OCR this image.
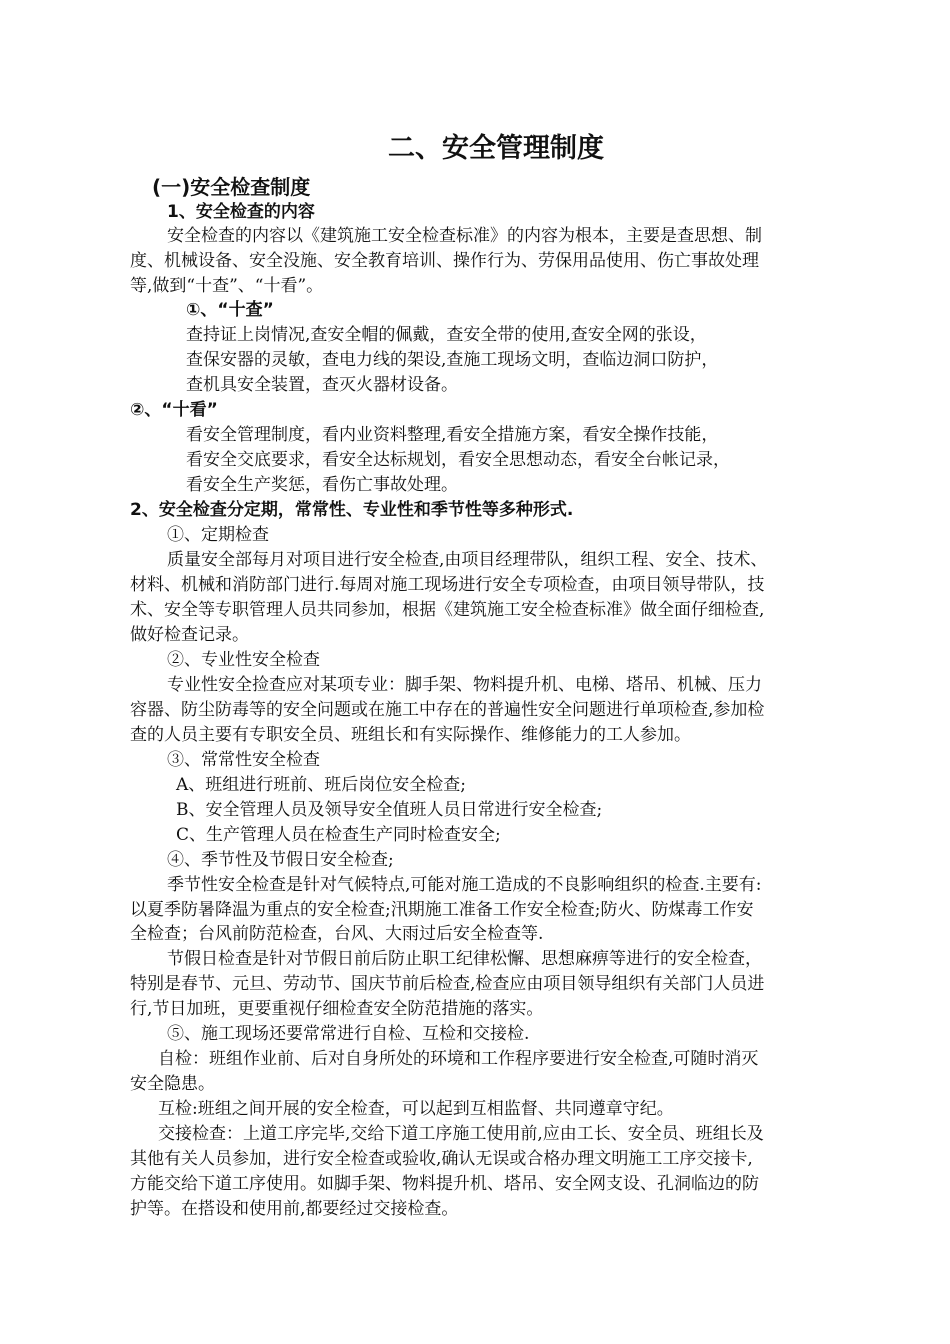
二、安全管理制度
(一)安全检查制度
1、安全检查的内容
安全检查的内容以《建筑施工安全检查标准》的内容为根本，主要是查思想、制
度、机械设备、安全没施、安全教育培训、操作行为、劳保用品使用、伤亡事故处理
等,做到“十查”、“十看”。
①、“十查”
查持证上岗情况,查安全帽的佩戴，查安全带的使用,查安全网的张设，
查保安器的灵敏，查电力线的架设,查施工现场文明，查临边洞口防护，
查机具安全装置，查灭火器材设备。
②、“十看”
看安全管理制度，看内业资料整理,看安全措施方案，看安全操作技能，
看安全交底要求，看安全达标规划，看安全思想动态，看安全台帐记录，
看安全生产奖惩，看伤亡事故处理。
2、安全检查分定期，常常性、专业性和季节性等多种形式.
①、定期检查
质量安全部每月对项目进行安全检查,由项目经理带队，组织工程、安全、技术、
材料、机械和消防部门进行.每周对施工现场进行安全专项检查，由项目领导带队，技
术、安全等专职管理人员共同参加，根据《建筑施工安全检查标准》做全面仔细检查,
做好检查记录。
②、专业性安全检查
专业性安全捡查应对某项专业：脚手架、物料提升机、电梯、塔吊、机械、压力
容器、防尘防毒等的安全问题或在施工中存在的普遍性安全问题进行单项检查,参加检
查的人员主要有专职安全员、班组长和有实际操作、维修能力的工人参加。
③、常常性安全检查
A、班组进行班前、班后岗位安全检查;
B、安全管理人员及领导安全值班人员日常进行安全检查;
C、生产管理人员在检查生产同时检查安全;
④、季节性及节假日安全检查;
季节性安全检查是针对气候特点,可能对施工造成的不良影响组织的检查.主要有:
以夏季防暑降温为重点的安全检查;汛期施工准备工作安全检查;防火、防煤毒工作安
全检查；台风前防范检查，台风、大雨过后安全检查等.
节假日检查是针对节假日前后防止职工纪律松懈、思想麻痹等进行的安全检查，
特别是春节、元旦、劳动节、国庆节前后检查,检查应由项目领导组织有关部门人员进
行,节日加班，更要重视仔细检查安全防范措施的落实。
⑤、施工现场还要常常进行自检、互检和交接检.
自检：班组作业前、后对自身所处的环境和工作程序要进行安全检查,可随时消灭
安全隐患。
互检:班组之间开展的安全检查，可以起到互相监督、共同遵章守纪。
交接检查：上道工序完毕,交给下道工序施工使用前,应由工长、安全员、班组长及
其他有关人员参加，进行安全检查或验收,确认无误或合格办理文明施工工序交接卡,
方能交给下道工序使用。如脚手架、物料提升机、塔吊、安全网支设、孔洞临边的防
护等。在搭设和使用前,都要经过交接检查。
